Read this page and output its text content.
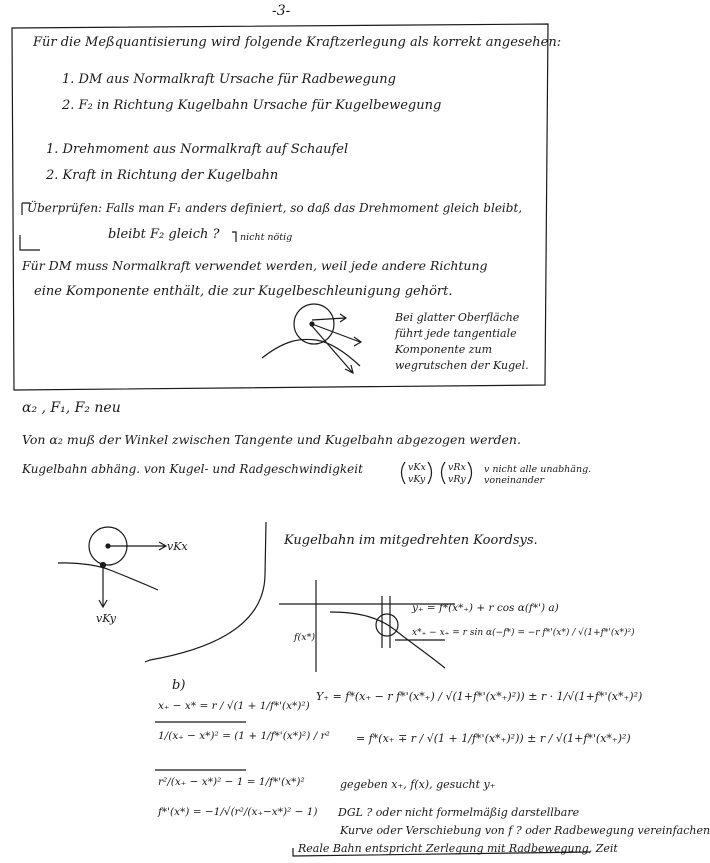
-3-
Für die Meßquantisierung wird folgende Kraftzerlegung als korrekt angesehen:
1. DM aus Normalkraft Ursache für Radbewegung
2. F₂ in Richtung Kugelbahn Ursache für Kugelbewegung
1. Drehmoment aus Normalkraft auf Schaufel
2. Kraft in Richtung der Kugelbahn
Überprüfen: Falls man F₁ anders definiert, so daß das Drehmoment gleich bleibt,
bleibt F₂ gleich ? nicht nötig
Für DM muss Normalkraft verwendet werden, weil jede andere Richtung
eine Komponente enthält, die zur Kugelbeschleunigung gehört.
Bei glatter Oberfläche
führt jede tangentiale
Komponente zum
wegrutschen der Kugel.
α₂ , F₁, F₂ neu
Von α₂ muß der Winkel zwischen Tangente und Kugelbahn abgezogen werden.
Kugelbahn abhäng. von Kugel- und Radgeschwindigkeit	vKx
vKy
vRx
vRy
v nicht alle unabhäng. voneinander
vKx
vKy
Kugelbahn im mitgedrehten Koordsys.
f(x*)
y₊ = f*(x*₊) + r cos α(f*') a)
x*₊ − x₊ = r sin α(−f*) = −r f*'(x*) / √(1+f*'(x*)²)
b)
x₊ − x* = r / √(1 + 1/f*'(x*)²)
1/(x₊ − x*)² = (1 + 1/f*'(x*)²) / r²
r²/(x₊ − x*)² − 1 = 1/f*'(x*)²
f*'(x*) = −1/√(r²/(x₊−x*)² − 1)
Y₊ = f*(x₊ − r f*'(x*₊) / √(1+f*'(x*₊)²)) ± r · 1/√(1+f*'(x*₊)²)
= f*(x₊ ∓ r / √(1 + 1/f*'(x*₊)²)) ± r / √(1+f*'(x*₊)²)
gegeben x₊, f(x), gesucht y₊
DGL ? oder nicht formelmäßig darstellbare
Kurve oder Verschiebung von f ? oder Radbewegung vereinfachen
Reale Bahn entspricht Zerlegung mit Radbewegung, Zeit
